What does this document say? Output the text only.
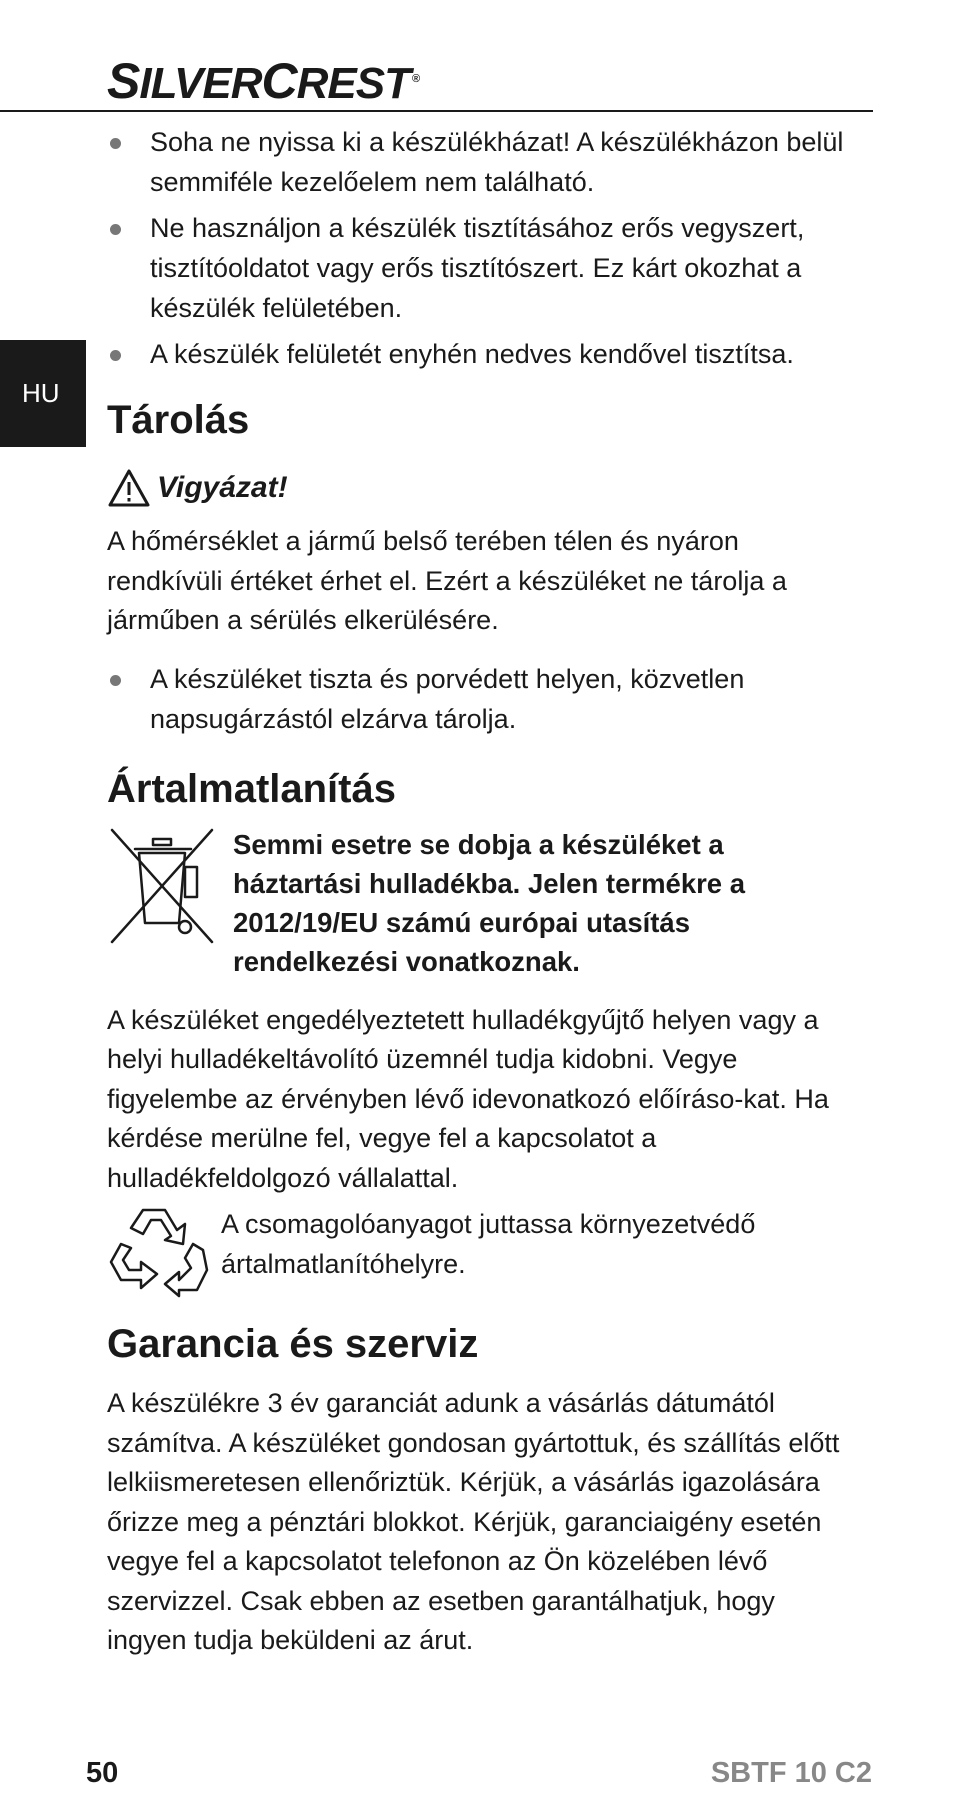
SILVERCREST ®
HU
Soha ne nyissa ki a készülékházat! A készülékházon belül semmiféle kezelőelem nem található.
Ne használjon a készülék tisztításához erős vegyszert, tisztítóoldatot vagy erős tisztítószert. Ez kárt okozhat a készülék felületében.
A készülék felületét enyhén nedves kendővel tisztítsa.
Tárolás
Vigyázat!

A hőmérséklet a jármű belső terében télen és nyáron rendkívüli értéket érhet el. Ezért a készüléket ne tárolja a járműben a sérülés elkerülésére.

A készüléket tiszta és porvédett helyen, közvetlen napsugárzástól elzárva tárolja.
Ártalmatlanítás

Semmi esetre se dobja a készüléket a háztartási hulladékba. Jelen termékre a 2012/19/EU számú európai utasítás rendelkezési vonatkoznak.

A készüléket engedélyeztetett hulladékgyűjtő helyen vagy a helyi hulladékeltávolító üzemnél tudja kidobni. Vegye figyelembe az érvényben lévő idevonatkozó előíráso-kat. Ha kérdése merülne fel, vegye fel a kapcsolatot a hulladékfeldolgozó vállalattal.

A csomagolóanyagot juttassa környezetvédő ártalmatlanítóhelyre.

Garancia és szerviz

A készülékre 3 év garanciát adunk a vásárlás dátumától számítva. A készüléket gondosan gyártottuk, és szállítás előtt lelkiismeretesen ellenőriztük. Kérjük, a vásárlás igazolására őrizze meg a pénztári blokkot. Kérjük, garanciaigény esetén vegye fel a kapcsolatot telefonon az Ön közelében lévő szervizzel. Csak ebben az esetben garantálhatjuk, hogy ingyen tudja beküldeni az árut.

50	SBTF 10 C2
